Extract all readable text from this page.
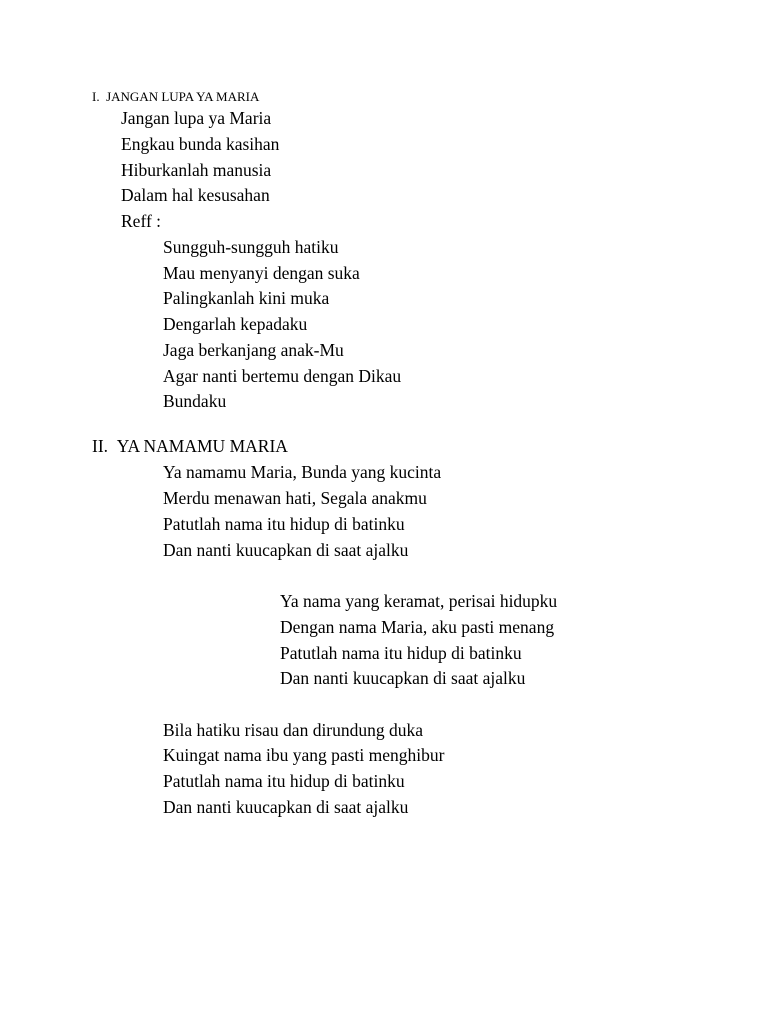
I. JANGAN LUPA YA MARIA
Jangan lupa ya Maria
Engkau bunda kasihan
Hiburkanlah manusia
Dalam hal kesusahan
Reff :
Sungguh-sungguh hatiku
Mau menyanyi dengan suka
Palingkanlah kini muka
Dengarlah kepadaku
Jaga berkanjang anak-Mu
Agar nanti bertemu dengan Dikau
Bundaku
II. YA NAMAMU MARIA
Ya namamu Maria, Bunda yang kucinta
Merdu menawan hati, Segala anakmu
Patutlah nama itu hidup di batinku
Dan nanti kuucapkan di saat ajalku
Ya nama yang keramat, perisai hidupku
Dengan nama Maria, aku pasti menang
Patutlah nama itu hidup di batinku
Dan nanti kuucapkan di saat ajalku
Bila hatiku risau dan dirundung duka
Kuingat nama ibu yang pasti menghibur
Patutlah nama itu hidup di batinku
Dan nanti kuucapkan di saat ajalku
